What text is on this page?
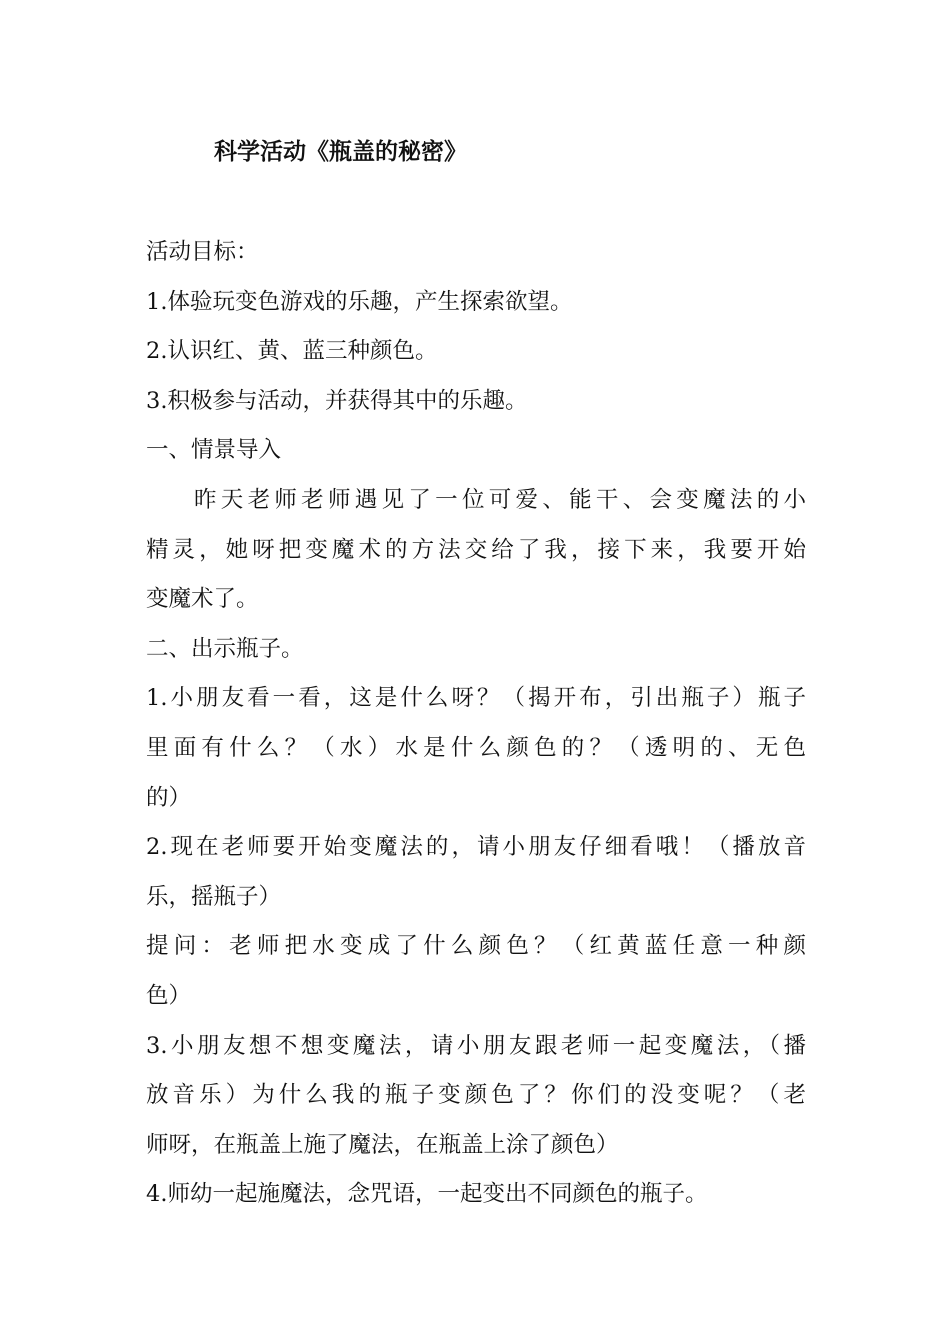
科学活动《瓶盖的秘密》
活动目标：
1.体验玩变色游戏的乐趣，产生探索欲望。
2.认识红、黄、蓝三种颜色。
3.积极参与活动，并获得其中的乐趣。
一、情景导入
昨天老师老师遇见了一位可爱、能干、会变魔法的小
精灵，她呀把变魔术的方法交给了我，接下来，我要开始
变魔术了。
二、出示瓶子。
1.小朋友看一看，这是什么呀？（揭开布，引出瓶子）瓶子
里面有什么？（水）水是什么颜色的？（透明的、无色
的）
2.现在老师要开始变魔法的，请小朋友仔细看哦！（播放音
乐，摇瓶子）
提问：老师把水变成了什么颜色？（红黄蓝任意一种颜
色）
3.小朋友想不想变魔法，请小朋友跟老师一起变魔法，（播
放音乐）为什么我的瓶子变颜色了？你们的没变呢？（老
师呀，在瓶盖上施了魔法，在瓶盖上涂了颜色）
4.师幼一起施魔法，念咒语，一起变出不同颜色的瓶子。
